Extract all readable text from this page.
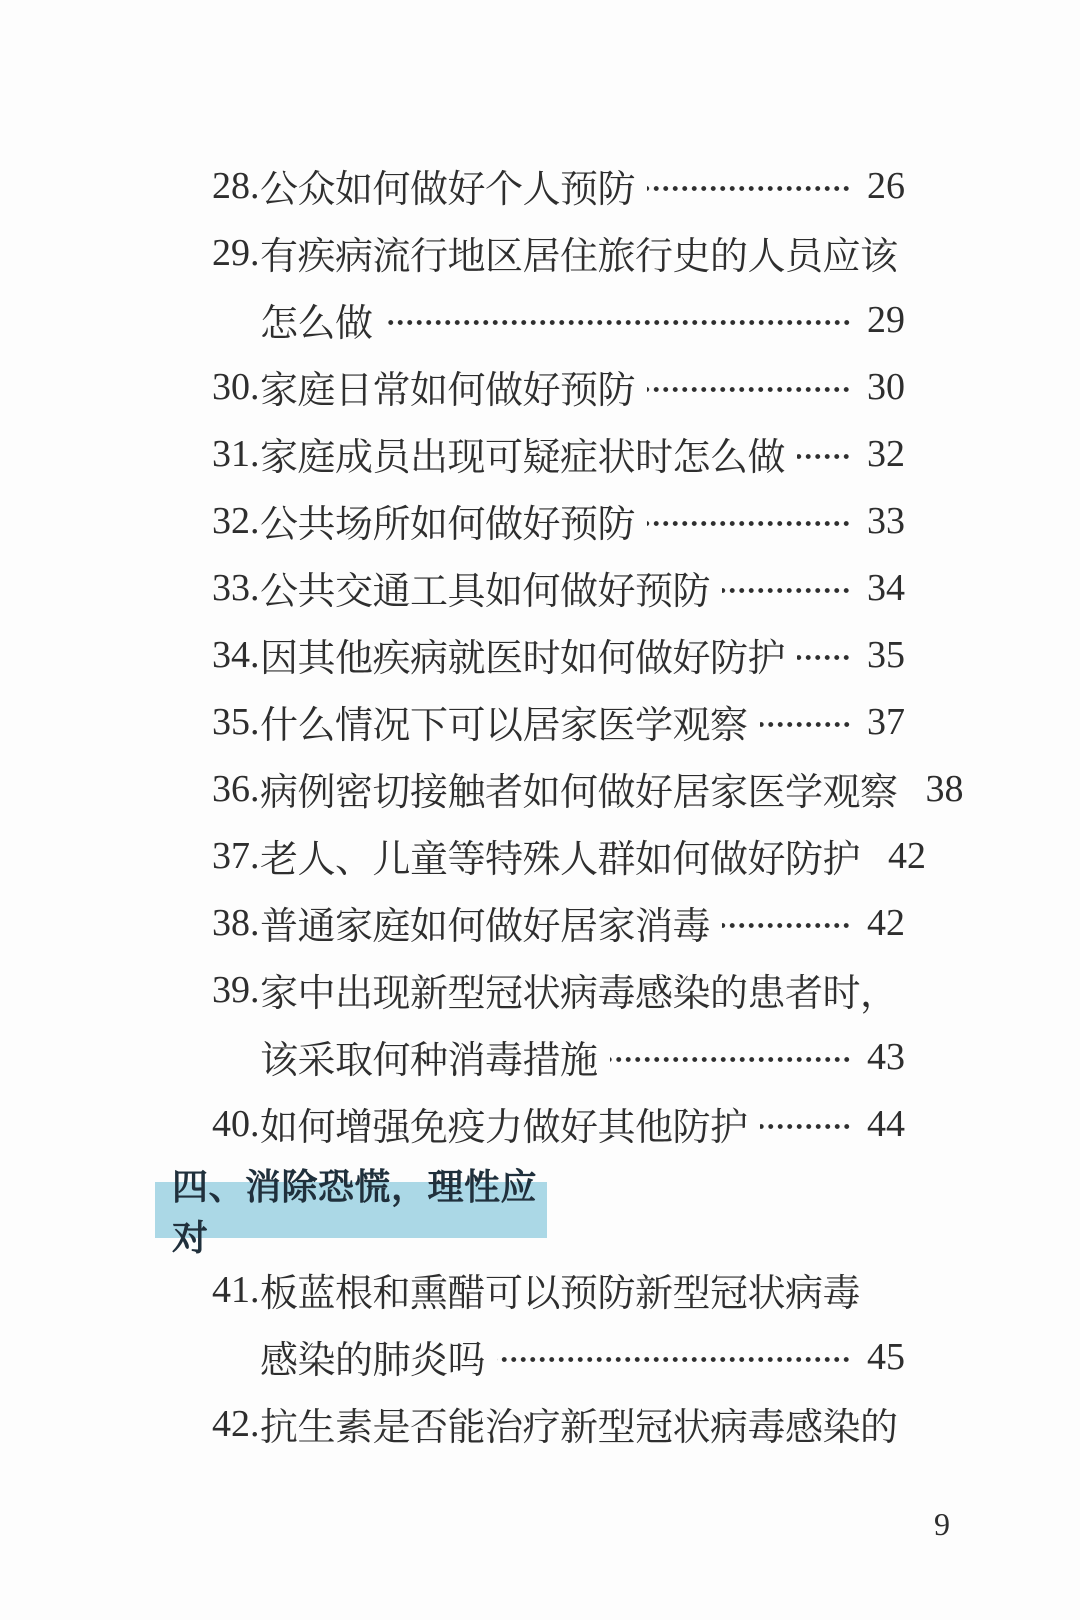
28. 公众如何做好个人预防	26
29. 有疾病流行地区居住旅行史的人员应该
怎么做	29
30. 家庭日常如何做好预防	30
31. 家庭成员出现可疑症状时怎么做 32
32. 公共场所如何做好预防	33
33. 公共交通工具如何做好预防	34
34. 因其他疾病就医时如何做好防护 35
35. 什么情况下可以居家医学观察	37
36. 病例密切接触者如何做好居家医学观察 38
37. 老人、儿童等特殊人群如何做好防护 42
38. 普通家庭如何做好居家消毒	42
39. 家中出现新型冠状病毒感染的患者时，
该采取何种消毒措施	43
40. 如何增强免疫力做好其他防护	44
四、消除恐慌，理性应对
41. 板蓝根和熏醋可以预防新型冠状病毒
感染的肺炎吗	45
42. 抗生素是否能治疗新型冠状病毒感染的
9
